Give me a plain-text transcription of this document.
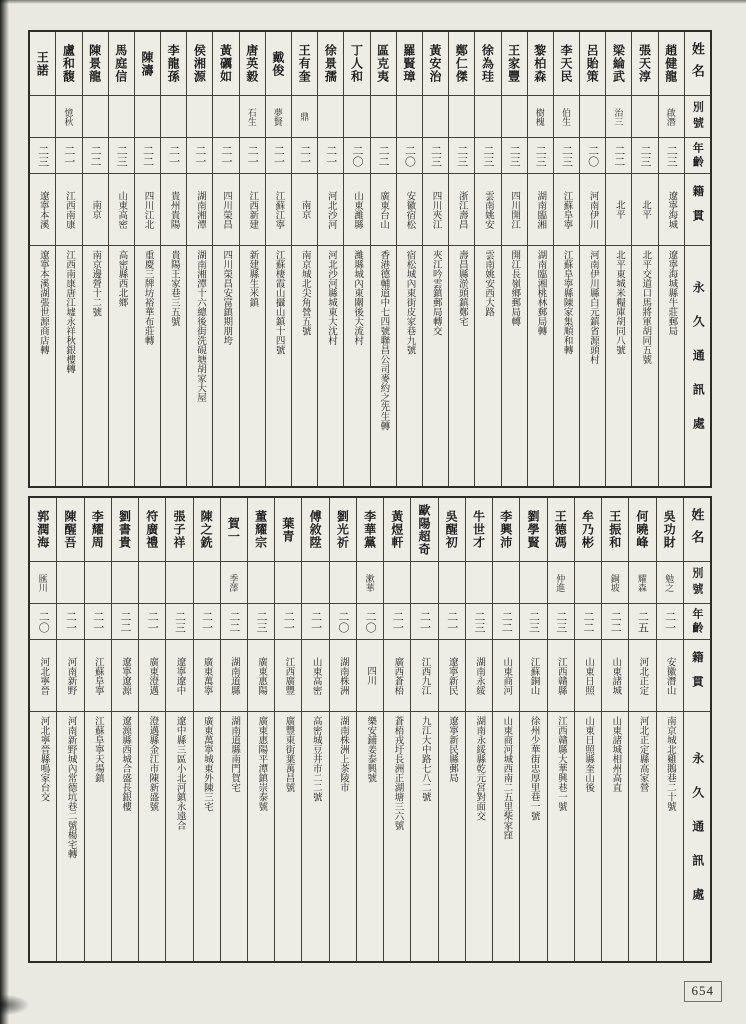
姓名
別號
年齡
籍貫
永久通訊處
趙健龍
啟潛
二三
遼寧海城
遼寧海城縣牛莊郵局
張天淳
二三
北平
北平交道口馬將軍胡同五號
梁綸武
治三
二二
北平
北平東城米糧庫胡同八號
呂貽策
二〇
河南伊川
河南伊川縣白元鎮省源頭村
李天民
伯生
二三
江蘇阜寧
江蘇阜寧縣陳家集順和轉
黎柏森
樹槐
二三
湖南臨湘
湖南臨湘桃林郵局轉
王家豐
二三
四川開江
開江長嶺鄉郵局轉
徐為珪
二三
雲南姚安
雲南姚安西大路
鄭仁傑
二三
浙江壽昌
壽昌縣淤頭鎮鄭宅
黃安治
二三
四川夾江
夾江吟雲鎮郵局轉交
羅賢璋
二〇
安徽宿松
宿松城內東街皮家巷九號
區克夷
二二
廣東台山
香港德輔道中七四號聯昌公司麥約之先生轉
丁人和
二〇
山東濰縣
濰縣城內東關後大流村
徐景孺
二一
河北沙河
河北沙河縣城東大沈村
王有奎
鼎
二一
南京
南京城北尖角營五號
戴俊
夢賢
二一
江蘇江寧
江蘇棲霞山攝山鎮十四號
唐英毅
石生
二一
江西新建
新建縣生米鎮
黃礪如
二一
四川榮昌
四川榮昌安富鎮期朋垮
侯湘源
二一
湖南湘潭
湖南湘潭十六總後街洗硯塘胡家大屋
李龍孫
二一
貴州貴陽
貴陽王家巷三五號
陳濤
二二
四川江北
重慶三牌坊裕華布莊轉
馬庭信
二三
山東高密
高密縣西北鄉
陳景龍
二二
南京
南京邊營十二號
盧和馥
憶秋
二一
江西南康
江西南康唐江墟永祥秋銀樓轉
王諾
二三
遼寧本溪
遼寧本溪湖張世源商店轉
姓名
別號
年齡
籍貫
永久通訊處
吳功財
勉之
二一
安徽潛山
南京城北雞鵝巷二十號
何曉峰
耀森
二五
河北正定
河北正定縣高家營
王振和
銅坡
二二
山東諸城
山東諸城相州高直
牟乃彬
二二
山東日照
山東日照縣奎山後
王德馮
仲進
二三
江西贛縣
江西贛縣大華興巷一號
劉學賢
二三
江蘇銅山
徐州少華街忠厚里巷一號
李興沛
二二
山東商河
山東商河城西南二五里柴家窪
牛世才
二三
湖南永綏
湖南永綏縣乾元宮對面交
吳醒初
二一
遼寧新民
遼寧新民縣郵局
歐陽超奇
二一
江西九江
九江大中路七八二號
黃煜軒
二一
廣西蒼梧
蒼梧戎圩長洲正湖塘三六號
李華黨
漱華
二〇
四川
樂安鋪姜泰興號
劉光祈
二〇
湖南株洲
湖南株洲上茶陵市
傅敘陞
二一
山東高密
高密城豆井市二二號
葉青
二一
江西廣豐
廣豐東街葉萬昌號
董耀宗
二三
廣東惠陽
廣東惠陽平潭鎮崇泰號
賀一
季澤
二二
湖南道縣
湖南道縣南門賀宅
陳之銑
二一
廣東萬寧
廣東萬寧城東外陳三宅
張子祥
二三
遼寧遼中
遼中縣三區小北河鎮永遠合
符廣禮
二一
廣東澄邁
澄邁縣金江市陳新盛號
劉書貴
二二
遼寧遼源
遼源縣西城合盛長銀樓
李耀周
二一
江蘇阜寧
江蘇阜寧天場鎮
陳醒吾
二一
河南新野
河南新野城內常德坑巷二號楊宅轉
郭潤海
匯川
二〇
河北寧晉
河北寧晉縣鳴家台交
654
